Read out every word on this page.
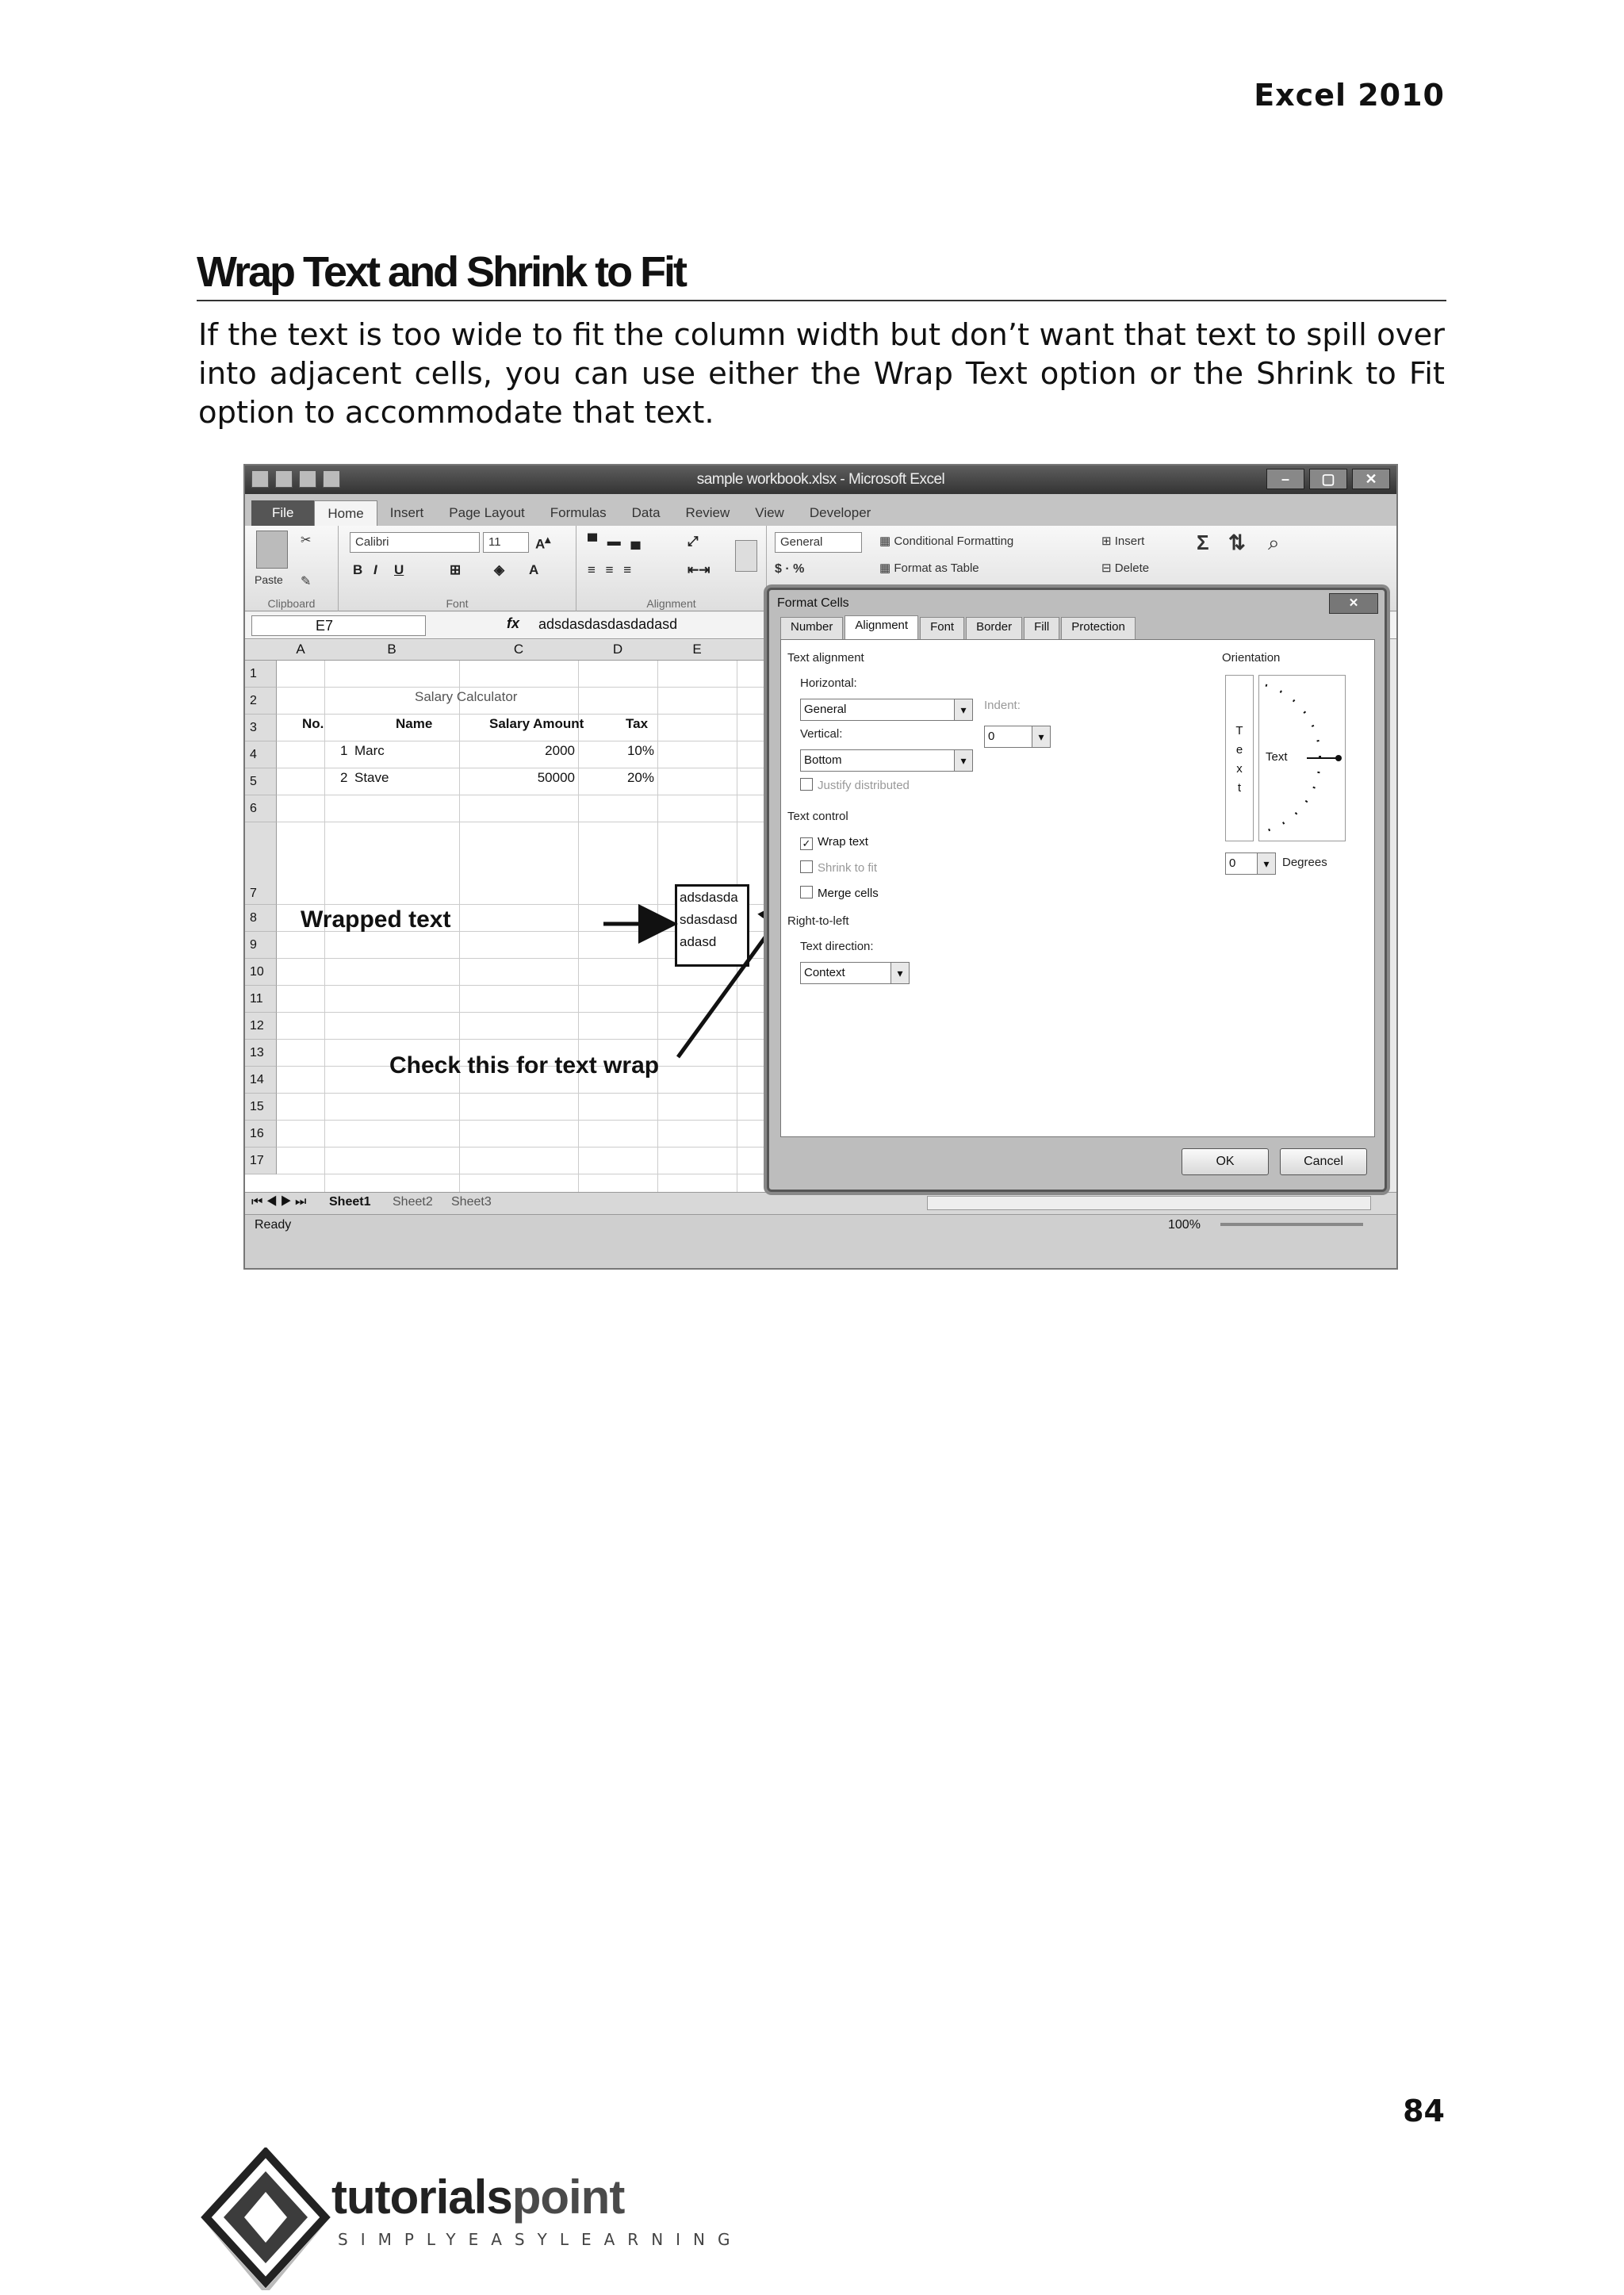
Excel 2010
Wrap Text and Shrink to Fit
If the text is too wide to fit the column width but don’t want that text to spill over into adjacent cells, you can use either the Wrap Text option or the Shrink to Fit option to accommodate that text.
sample workbook.xlsx - Microsoft Excel	–	▢	✕
File	Home	Insert	Page Layout	Formulas	Data	Review	View	Developer
Paste
✂
✎
Clipboard
Calibri	11	A▴
B I U	⊞ ◈ A
Font
▀ ▬ ▄	⤢
≡ ≡ ≡	⇤⇥
Alignment
General
$ · %
▦ Conditional Formatting
▦ Format as Table
⊞ Insert
⊟ Delete
Σ ⇅ ⌕
E7	fx adsdasdasdasdadasd
A	B	C	D	E
1
2
3
4
5
6
7
8
9
10
11
12
13
14
15
16
17
Salary Calculator
No.	Name	Salary Amount	Tax
1 Marc	2000	10%
2 Stave	50000	20%
adsdasda
sdasdasd
adasd
Wrapped text
Check this for text wrap
⏮◀▶⏭ Sheet1 Sheet2 Sheet3
Ready	100%
Format Cells	✕
Number	Alignment	Font	Border	Fill	Protection
Text alignment
Horizontal:
General ▾	Indent:
0 ▾
Vertical:
Bottom ▾
Justify distributed
Text control
✓ Wrap text
Shrink to fit
Merge cells
Right-to-left
Text direction:
Context ▾
Orientation
T
e
x
t
Text
0 ▾	Degrees
OK	Cancel
84
tutorialspoint
SIMPLYEASYLEARNING
